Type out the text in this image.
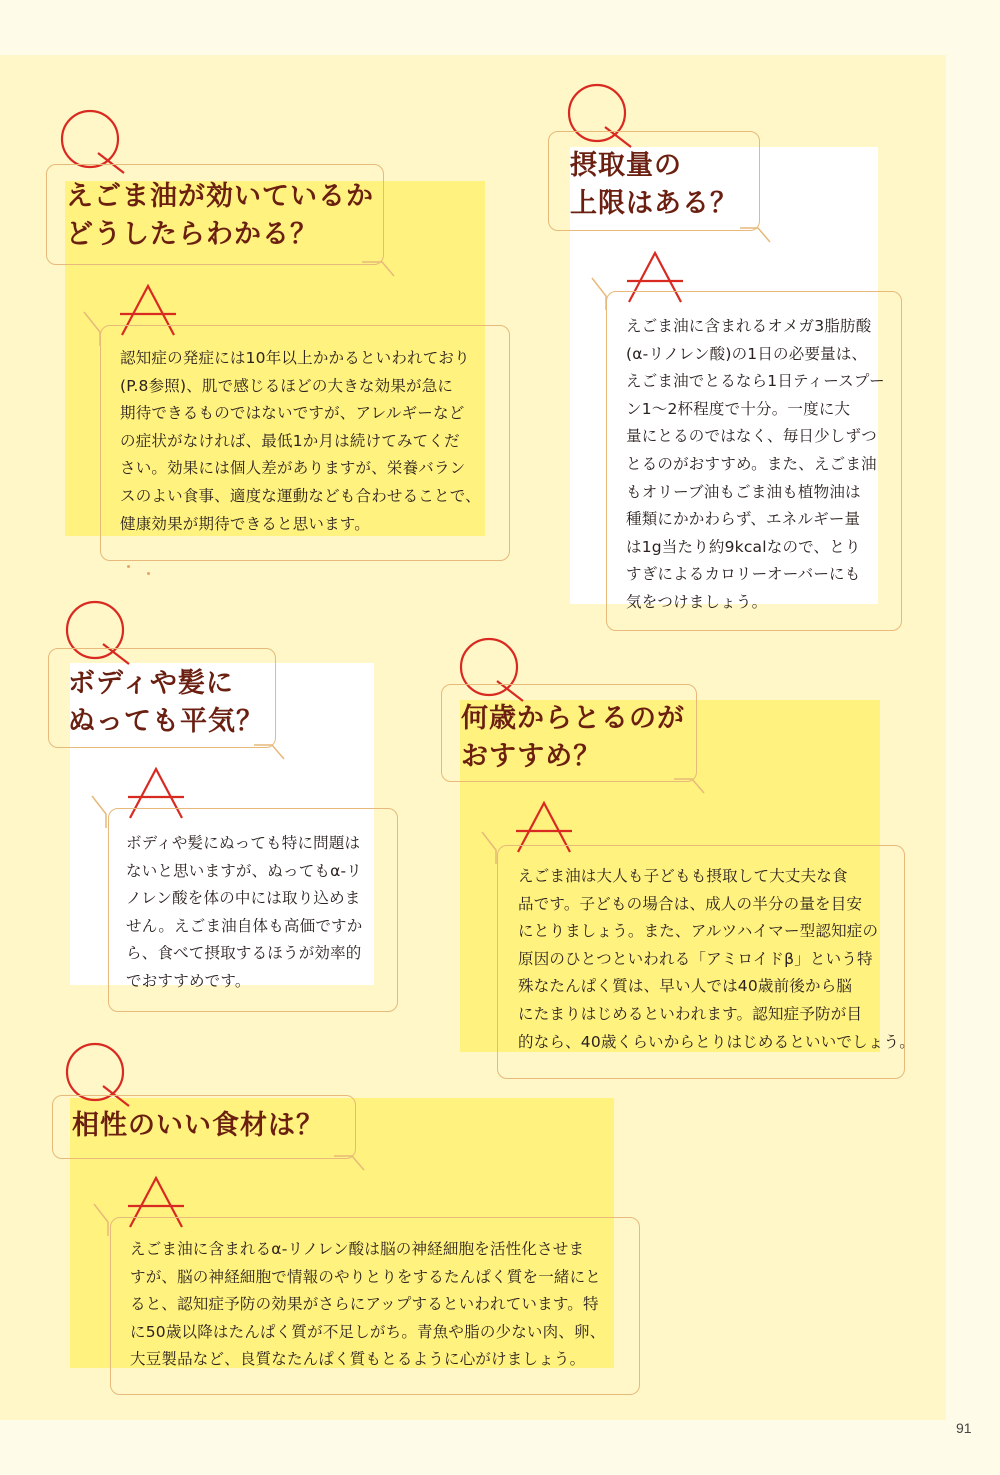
えごま油が効いているか
どうしたらわかる？
認知症の発症には10年以上かかるといわれており
(P.8参照)、肌で感じるほどの大きな効果が急に
期待できるものではないですが、アレルギーなど
の症状がなければ、最低1か月は続けてみてくだ
さい。効果には個人差がありますが、栄養バラン
スのよい食事、適度な運動なども合わせることで、
健康効果が期待できると思います。
摂取量の
上限はある？
えごま油に含まれるオメガ3脂肪酸
(α-リノレン酸)の1日の必要量は、
えごま油でとるなら1日ティースプー
ン1～2杯程度で十分。一度に大
量にとるのではなく、毎日少しずつ
とるのがおすすめ。また、えごま油
もオリーブ油もごま油も植物油は
種類にかかわらず、エネルギー量
は1g当たり約9kcalなので、とり
すぎによるカロリーオーバーにも
気をつけましょう。
ボディや髪に
ぬっても平気？
ボディや髪にぬっても特に問題は
ないと思いますが、ぬってもα-リ
ノレン酸を体の中には取り込めま
せん。えごま油自体も高価ですか
ら、食べて摂取するほうが効率的
でおすすめです。
何歳からとるのが
おすすめ？
えごま油は大人も子どもも摂取して大丈夫な食
品です。子どもの場合は、成人の半分の量を目安
にとりましょう。また、アルツハイマー型認知症の
原因のひとつといわれる「アミロイドβ」という特
殊なたんぱく質は、早い人では40歳前後から脳
にたまりはじめるといわれます。認知症予防が目
的なら、40歳くらいからとりはじめるといいでしょう。
相性のいい食材は？
えごま油に含まれるα-リノレン酸は脳の神経細胞を活性化させま
すが、脳の神経細胞で情報のやりとりをするたんぱく質を一緒にと
ると、認知症予防の効果がさらにアップするといわれています。特
に50歳以降はたんぱく質が不足しがち。青魚や脂の少ない肉、卵、
大豆製品など、良質なたんぱく質もとるように心がけましょう。
91
